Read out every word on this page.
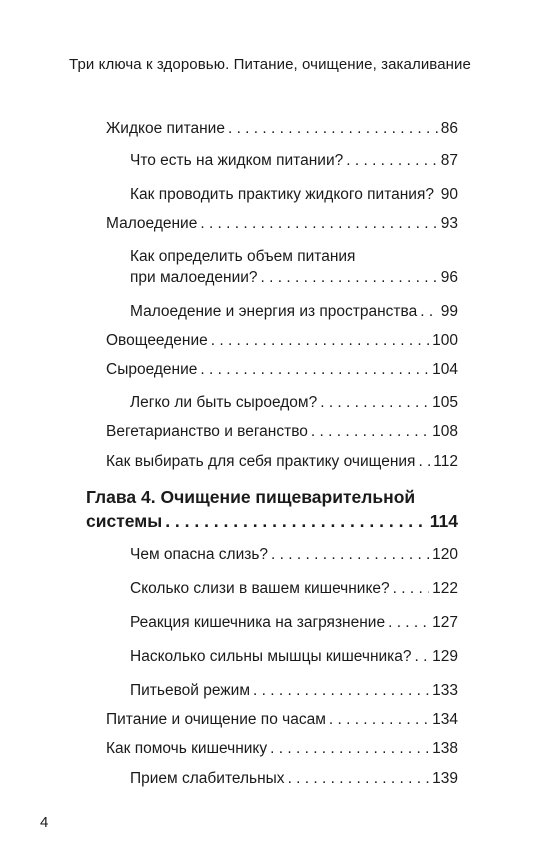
Три ключа к здоровью. Питание, очищение, закаливание
Жидкое питание . . .	86
Что есть на жидком питании? . . .	87
Как проводить практику жидкого питания? . . . 90
Малоедение . . .	93
Как определить объем питания
при малоедении? . . .	96
Малоедение и энергия из пространства . . . 99
Овощеедение . . .	100
Сыроедение . . .	104
Легко ли быть сыроедом? . . .	105
Вегетарианство и веганство . . .	108
Как выбирать для себя практику очищения . . . 112
Глава 4. Очищение пищеварительной
системы . . .	114
Чем опасна слизь? . . .	120
Сколько слизи в вашем кишечнике? . . .	122
Реакция кишечника на загрязнение . . .	127
Насколько сильны мышцы кишечника? . . . 129
Питьевой режим . . .	133
Питание и очищение по часам . . .	134
Как помочь кишечнику . . .	138
Прием слабительных . . .	139
4
